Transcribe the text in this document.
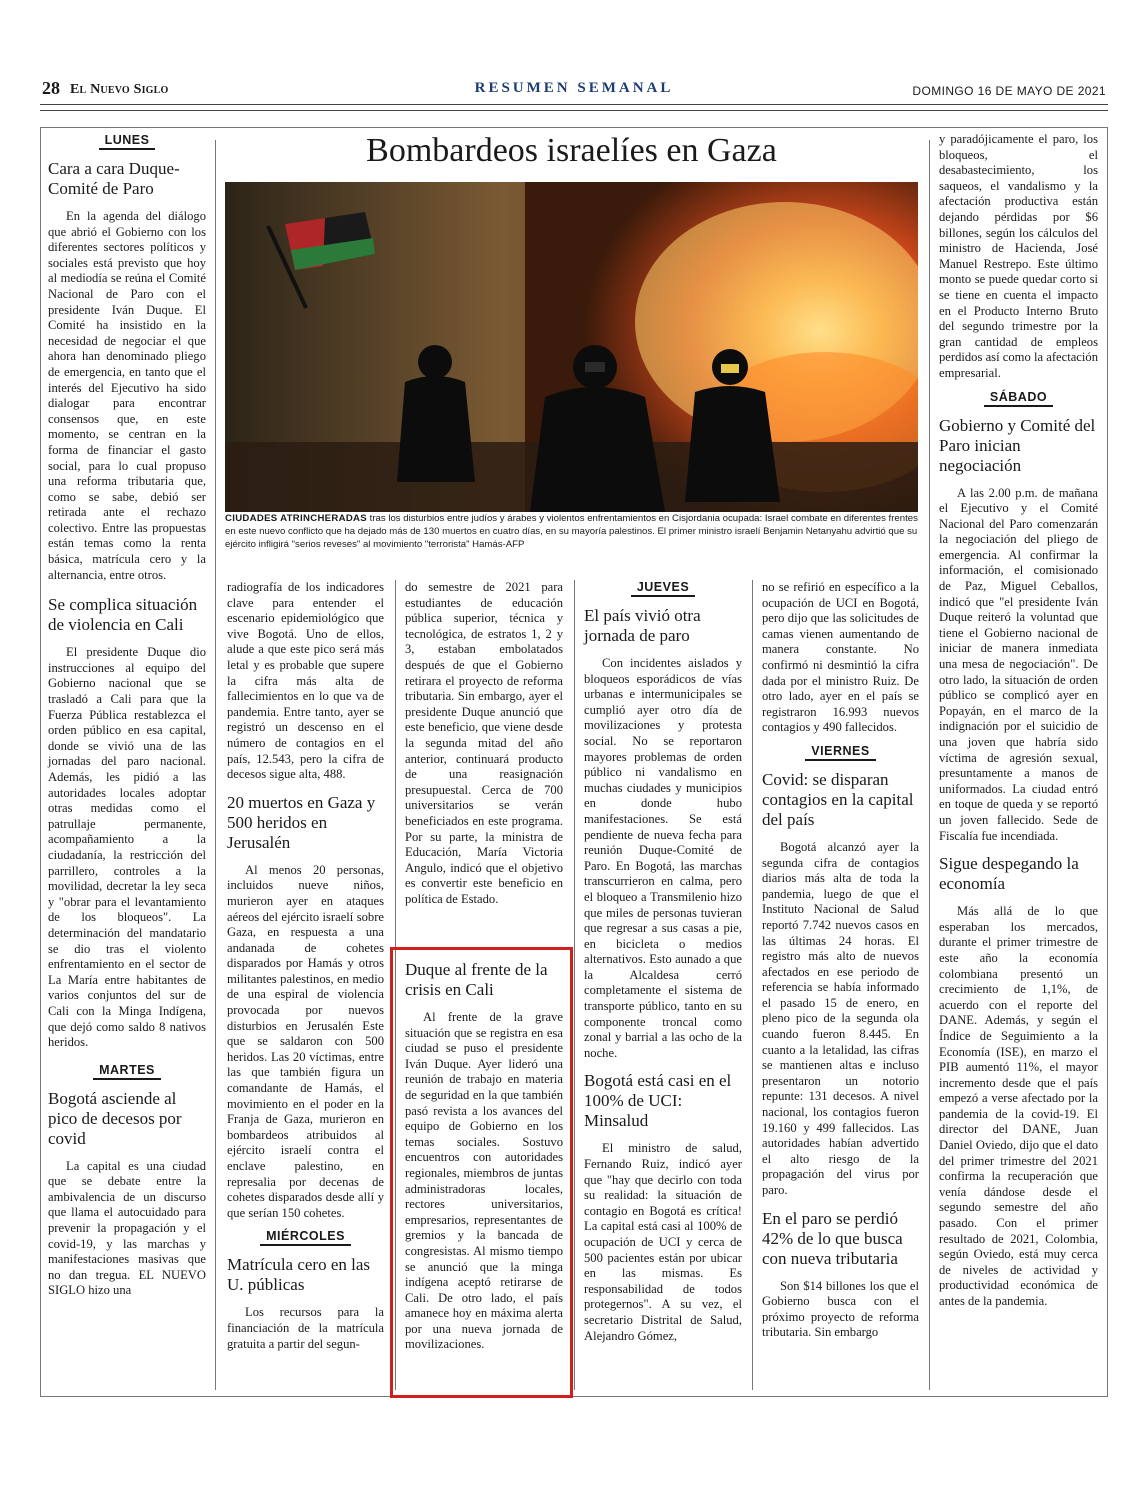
28 El Nuevo Siglo	RESUMEN SEMANAL	DOMINGO 16 DE MAYO DE 2021
LUNES
Cara a cara Duque-Comité de Paro

En la agenda del diálogo que abrió el Gobierno con los diferentes sectores políticos y sociales está previsto que hoy al mediodía se reúna el Comité Nacional de Paro con el presidente Iván Duque. El Comité ha insistido en la necesidad de negociar el que ahora han denominado pliego de emergencia, en tanto que el interés del Ejecutivo ha sido dialogar para encontrar consensos que, en este momento, se centran en la forma de financiar el gasto social, para lo cual propuso una reforma tributaria que, como se sabe, debió ser retirada ante el rechazo colectivo. Entre las propuestas están temas como la renta básica, matrícula cero y la alternancia, entre otros.

Se complica situación de violencia en Cali

El presidente Duque dio instrucciones al equipo del Gobierno nacional que se trasladó a Cali para que la Fuerza Pública restablezca el orden público en esa capital, donde se vivió una de las jornadas del paro nacional. Además, les pidió a las autoridades locales adoptar otras medidas como el patrullaje permanente, acompañamiento a la ciudadanía, la restricción del parrillero, controles a la movilidad, decretar la ley seca y "obrar para el levantamiento de los bloqueos". La determinación del mandatario se dio tras el violento enfrentamiento en el sector de La María entre habitantes de varios conjuntos del sur de Cali con la Minga Indígena, que dejó como saldo 8 nativos heridos.

MARTES
Bogotá asciende al pico de decesos por covid

La capital es una ciudad que se debate entre la ambivalencia de un discurso que llama el autocuidado para prevenir la propagación y el covid-19, y las marchas y manifestaciones masivas que no dan tregua. EL NUEVO SIGLO hizo una

Bombardeos israelíes en Gaza
CIUDADES ATRINCHERADAS tras los disturbios entre judíos y árabes y violentos enfrentamientos en Cisjordania ocupada: Israel combate en diferentes frentes en este nuevo conflicto que ha dejado más de 130 muertos en cuatro días, en su mayoría palestinos. El primer ministro israelí Benjamin Netanyahu advirtió que su ejército infligirá "serios reveses" al movimiento "terrorista" Hamás-AFP

radiografía de los indicadores clave para entender el escenario epidemiológico que vive Bogotá. Uno de ellos, alude a que este pico será más letal y es probable que supere la cifra más alta de fallecimientos en lo que va de pandemia. Entre tanto, ayer se registró un descenso en el número de contagios en el país, 12.543, pero la cifra de decesos sigue alta, 488.

20 muertos en Gaza y 500 heridos en Jerusalén

Al menos 20 personas, incluidos nueve niños, murieron ayer en ataques aéreos del ejército israelí sobre Gaza, en respuesta a una andanada de cohetes disparados por Hamás y otros militantes palestinos, en medio de una espiral de violencia provocada por nuevos disturbios en Jerusalén Este que se saldaron con 500 heridos. Las 20 víctimas, entre las que también figura un comandante de Hamás, el movimiento en el poder en la Franja de Gaza, murieron en bombardeos atribuidos al ejército israelí contra el enclave palestino, en represalia por decenas de cohetes disparados desde allí y que serían 150 cohetes.

MIÉRCOLES
Matrícula cero en las U. públicas

Los recursos para la financiación de la matrícula gratuita a partir del segun-

do semestre de 2021 para estudiantes de educación pública superior, técnica y tecnológica, de estratos 1, 2 y 3, estaban embolatados después de que el Gobierno retirara el proyecto de reforma tributaria. Sin embargo, ayer el presidente Duque anunció que este beneficio, que viene desde la segunda mitad del año anterior, continuará producto de una reasignación presupuestal. Cerca de 700 universitarios se verán beneficiados en este programa. Por su parte, la ministra de Educación, María Victoria Angulo, indicó que el objetivo es convertir este beneficio en política de Estado.

Duque al frente de la crisis en Cali

Al frente de la grave situación que se registra en esa ciudad se puso el presidente Iván Duque. Ayer lideró una reunión de trabajo en materia de seguridad en la que también pasó revista a los avances del equipo de Gobierno en los temas sociales. Sostuvo encuentros con autoridades regionales, miembros de juntas administradoras locales, rectores universitarios, empresarios, representantes de gremios y la bancada de congresistas. Al mismo tiempo se anunció que la minga indígena aceptó retirarse de Cali. De otro lado, el país amanece hoy en máxima alerta por una nueva jornada de movilizaciones.

JUEVES
El país vivió otra jornada de paro

Con incidentes aislados y bloqueos esporádicos de vías urbanas e intermunicipales se cumplió ayer otro día de movilizaciones y protesta social. No se reportaron mayores problemas de orden público ni vandalismo en muchas ciudades y municipios en donde hubo manifestaciones. Se está pendiente de nueva fecha para reunión Duque-Comité de Paro. En Bogotá, las marchas transcurrieron en calma, pero el bloqueo a Transmilenio hizo que miles de personas tuvieran que regresar a sus casas a pie, en bicicleta o medios alternativos. Esto aunado a que la Alcaldesa cerró completamente el sistema de transporte público, tanto en su componente troncal como zonal y barrial a las ocho de la noche.

Bogotá está casi en el 100% de UCI: Minsalud

El ministro de salud, Fernando Ruiz, indicó ayer que "hay que decirlo con toda su realidad: la situación de contagio en Bogotá es crítica! La capital está casi al 100% de ocupación de UCI y cerca de 500 pacientes están por ubicar en las mismas. Es responsabilidad de todos protegernos". A su vez, el secretario Distrital de Salud, Alejandro Gómez,

no se refirió en específico a la ocupación de UCI en Bogotá, pero dijo que las solicitudes de camas vienen aumentando de manera constante. No confirmó ni desmintió la cifra dada por el ministro Ruiz. De otro lado, ayer en el país se registraron 16.993 nuevos contagios y 490 fallecidos.

VIERNES
Covid: se disparan contagios en la capital del país

Bogotá alcanzó ayer la segunda cifra de contagios diarios más alta de toda la pandemia, luego de que el Instituto Nacional de Salud reportó 7.742 nuevos casos en las últimas 24 horas. El registro más alto de nuevos afectados en ese periodo de referencia se había informado el pasado 15 de enero, en pleno pico de la segunda ola cuando fueron 8.445. En cuanto a la letalidad, las cifras se mantienen altas e incluso presentaron un notorio repunte: 131 decesos. A nivel nacional, los contagios fueron 19.160 y 499 fallecidos. Las autoridades habían advertido el alto riesgo de la propagación del virus por paro.

En el paro se perdió 42% de lo que busca con nueva tributaria

Son $14 billones los que el Gobierno busca con el próximo proyecto de reforma tributaria. Sin embargo

y paradójicamente el paro, los bloqueos, el desabastecimiento, los saqueos, el vandalismo y la afectación productiva están dejando pérdidas por $6 billones, según los cálculos del ministro de Hacienda, José Manuel Restrepo. Este último monto se puede quedar corto si se tiene en cuenta el impacto en el Producto Interno Bruto del segundo trimestre por la gran cantidad de empleos perdidos así como la afectación empresarial.

SÁBADO
Gobierno y Comité del Paro inician negociación

A las 2.00 p.m. de mañana el Ejecutivo y el Comité Nacional del Paro comenzarán la negociación del pliego de emergencia. Al confirmar la información, el comisionado de Paz, Miguel Ceballos, indicó que "el presidente Iván Duque reiteró la voluntad que tiene el Gobierno nacional de iniciar de manera inmediata una mesa de negociación". De otro lado, la situación de orden público se complicó ayer en Popayán, en el marco de la indignación por el suicidio de una joven que habría sido víctima de agresión sexual, presuntamente a manos de uniformados. La ciudad entró en toque de queda y se reportó un joven fallecido. Sede de Fiscalía fue incendiada.

Sigue despegando la economía

Más allá de lo que esperaban los mercados, durante el primer trimestre de este año la economía colombiana presentó un crecimiento de 1,1%, de acuerdo con el reporte del DANE. Además, y según el Índice de Seguimiento a la Economía (ISE), en marzo el PIB aumentó 11%, el mayor incremento desde que el país empezó a verse afectado por la pandemia de la covid-19. El director del DANE, Juan Daniel Oviedo, dijo que el dato del primer trimestre del 2021 confirma la recuperación que venía dándose desde el segundo semestre del año pasado. Con el primer resultado de 2021, Colombia, según Oviedo, está muy cerca de niveles de actividad y productividad económica de antes de la pandemia.
